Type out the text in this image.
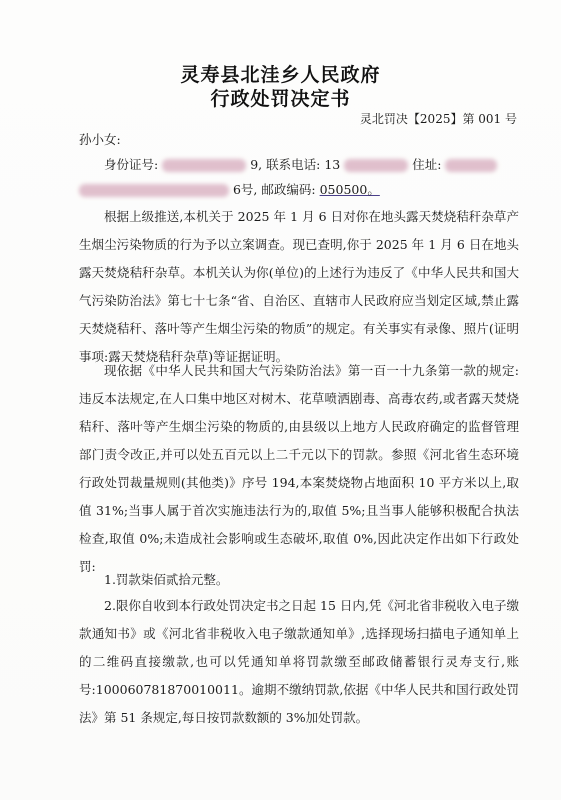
灵寿县北洼乡人民政府
行政处罚决定书
灵北罚决【2025】第 001 号
孙小女:
身份证号:	9, 联系电话: 13	住址:
6号, 邮政编码: 050500。
根据上级推送,本机关于 2025 年 1 月 6 日对你在地头露天焚烧秸秆杂草产生烟尘污染物质的行为予以立案调查。现已查明,你于 2025 年 1 月 6 日在地头露天焚烧秸秆杂草。本机关认为你(单位)的上述行为违反了《中华人民共和国大气污染防治法》第七十七条“省、自治区、直辖市人民政府应当划定区域,禁止露天焚烧秸秆、落叶等产生烟尘污染的物质”的规定。有关事实有录像、照片(证明事项:露天焚烧秸秆杂草)等证据证明。
现依据《中华人民共和国大气污染防治法》第一百一十九条第一款的规定:违反本法规定,在人口集中地区对树木、花草喷洒剧毒、高毒农药,或者露天焚烧秸秆、落叶等产生烟尘污染的物质的,由县级以上地方人民政府确定的监督管理部门责令改正,并可以处五百元以上二千元以下的罚款。参照《河北省生态环境行政处罚裁量规则(其他类)》序号 194,本案焚烧物占地面积 10 平方米以上,取值 31%;当事人属于首次实施违法行为的,取值 5%;且当事人能够积极配合执法检查,取值 0%;未造成社会影响或生态破坏,取值 0%,因此决定作出如下行政处罚:
1.罚款柒佰贰拾元整。
2.限你自收到本行政处罚决定书之日起 15 日内,凭《河北省非税收入电子缴款通知书》或《河北省非税收入电子缴款通知单》,选择现场扫描电子通知单上的二维码直接缴款,也可以凭通知单将罚款缴至邮政储蓄银行灵寿支行,账号:100060781870010011。逾期不缴纳罚款,依据《中华人民共和国行政处罚法》第 51 条规定,每日按罚款数额的 3%加处罚款。
